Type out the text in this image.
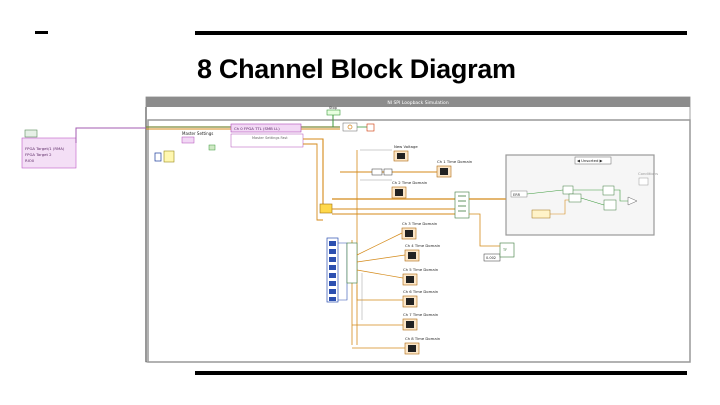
8 Channel Block Diagram
NI SPI Loopback Simulation
FPGA Target/1 (RMA)
FPGA Target 2
RIO0
Stop
Ch 0 FPGA TTL (SMB LL)
Master Settings
Master Settings Fast
New Voltage
Ch 1 Time Domain
Ch 2 Time Domain
◀ Unsorted ▶
ERR
Conditions
Ch 3 Time Domain
Ch 4 Time Domain
0.002
TF
Ch 5 Time Domain
Ch 6 Time Domain
Ch 7 Time Domain
Ch 8 Time Domain
